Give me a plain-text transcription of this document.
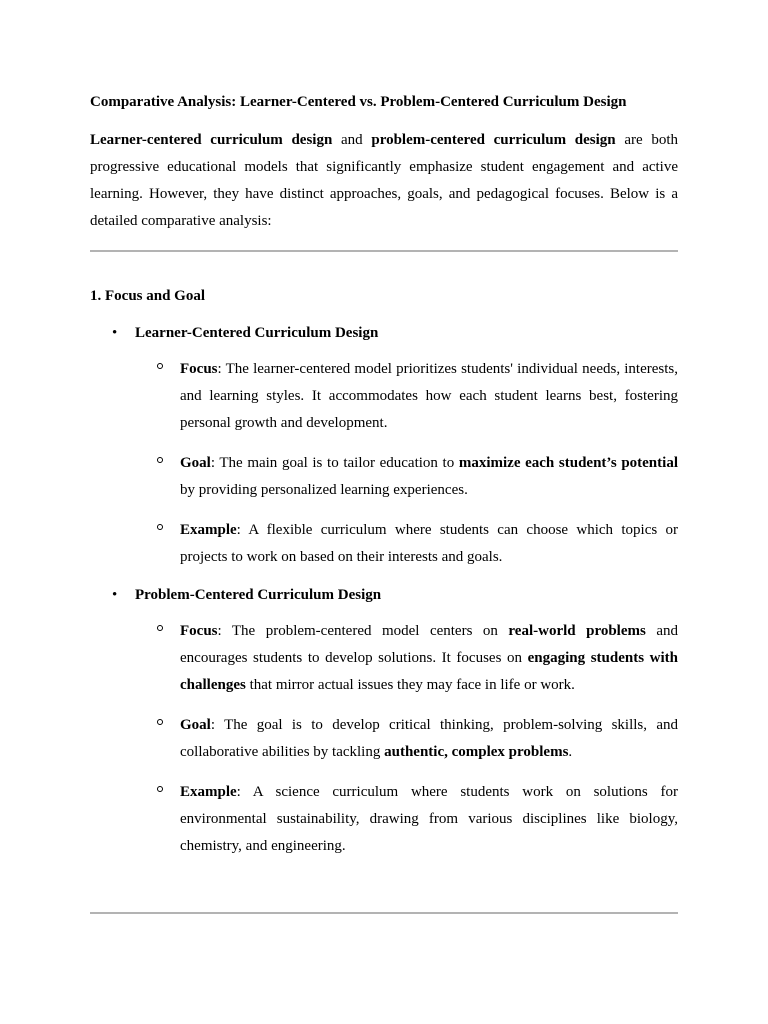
Comparative Analysis: Learner-Centered vs. Problem-Centered Curriculum Design

Learner-centered curriculum design and problem-centered curriculum design are both progressive educational models that significantly emphasize student engagement and active learning. However, they have distinct approaches, goals, and pedagogical focuses. Below is a detailed comparative analysis:

1. Focus and Goal
• Learner-Centered Curriculum Design

Focus: The learner-centered model prioritizes students' individual needs, interests, and learning styles. It accommodates how each student learns best, fostering personal growth and development.

Goal: The main goal is to tailor education to maximize each student’s potential by providing personalized learning experiences.

Example: A flexible curriculum where students can choose which topics or projects to work on based on their interests and goals.

• Problem-Centered Curriculum Design

Focus: The problem-centered model centers on real-world problems and encourages students to develop solutions. It focuses on engaging students with challenges that mirror actual issues they may face in life or work.

Goal: The goal is to develop critical thinking, problem-solving skills, and collaborative abilities by tackling authentic, complex problems.

Example: A science curriculum where students work on solutions for environmental sustainability, drawing from various disciplines like biology, chemistry, and engineering.
